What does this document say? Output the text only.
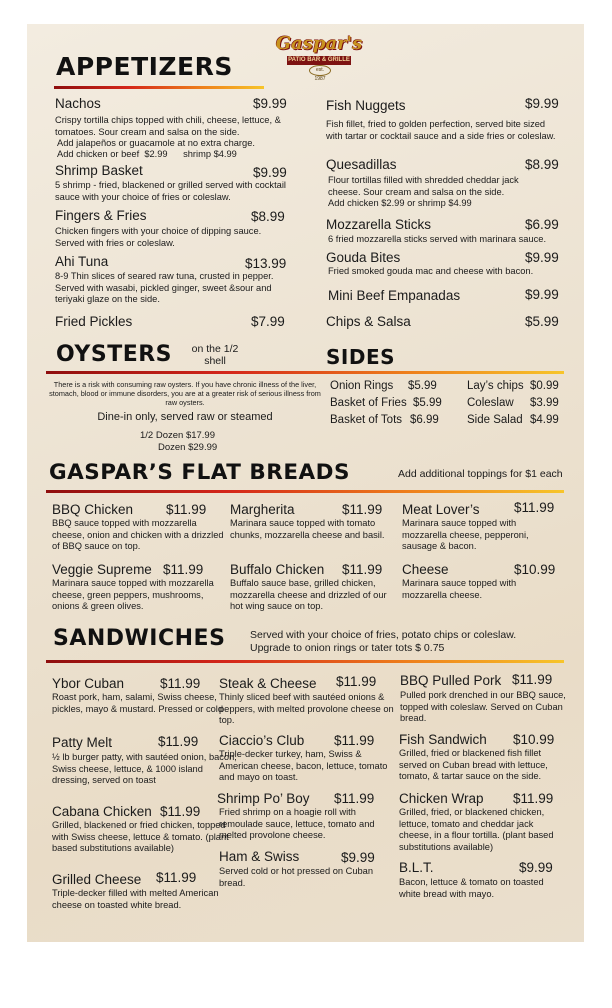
Gaspar's
PATIO BAR & GRILLE
est. 1987
APPETIZERS
Nachos	$9.99
Crispy tortilla chips topped with chili, cheese, lettuce, & tomatoes. Sour cream and salsa on the side.
Add jalapeños or guacamole at no extra charge.
Add chicken or beef  $2.99      shrimp $4.99
Shrimp Basket	$9.99
5 shrimp - fried, blackened or grilled served with cocktail sauce with your choice of fries or coleslaw.
Fingers & Fries	$8.99
Chicken fingers with your choice of dipping sauce. Served with fries or coleslaw.
Ahi Tuna	$13.99
8-9 Thin slices of seared raw tuna, crusted in pepper. Served with wasabi, pickled ginger, sweet &sour and teriyaki glaze on the side.
Fried Pickles	$7.99
Fish Nuggets	$9.99
Fish fillet, fried to golden perfection, served bite sized with tartar or cocktail sauce and a side fries or coleslaw.
Quesadillas	$8.99
Flour tortillas filled with shredded cheddar jack cheese. Sour cream and salsa on the side.
Add chicken $2.99 or shrimp $4.99
Mozzarella Sticks	$6.99
6 fried mozzarella sticks served with marinara sauce.
Gouda Bites	$9.99
Fried smoked gouda mac and cheese with bacon.
Mini Beef Empanadas	$9.99
Chips & Salsa	$5.99
OYSTERS	on the 1/2
shell	SIDES
There is a risk with consuming raw oysters. If you have chronic illness of the liver, stomach, blood or immune disorders, you are at a greater risk of serious illness from raw oysters.
Dine-in only, served raw or steamed
1/2 Dozen $17.99
Dozen $29.99
Onion Rings $5.99	Lay’s chips $0.99
Basket of Fries $5.99 Coleslaw $3.99
Basket of Tots $6.99 Side Salad $4.99
GASPAR’S FLAT BREADS	Add additional toppings for $1 each
BBQ Chicken $11.99
BBQ sauce topped with mozzarella cheese, onion and chicken with a drizzled of BBQ sauce on top.
Margherita	$11.99
Marinara sauce topped with tomato chunks, mozzarella cheese and basil.
Meat Lover’s	$11.99
Marinara sauce topped with mozzarella cheese, pepperoni, sausage & bacon.
Veggie Supreme $11.99
Marinara sauce topped with mozzarella cheese, green peppers, mushrooms, onions & green olives.
Buffalo Chicken $11.99
Buffalo sauce base, grilled chicken, mozzarella cheese and drizzled of our hot wing sauce on top.
Cheese	$10.99
Marinara sauce topped with mozzarella cheese.
SANDWICHES Served with your choice of fries, potato chips or coleslaw.
Upgrade to onion rings or tater tots $ 0.75
Ybor Cuban	$11.99
Roast pork, ham, salami, Swiss cheese, pickles, mayo & mustard. Pressed or cold
Patty Melt	$11.99
½ lb burger patty, with sautéed onion, bacon, Swiss cheese, lettuce, & 1000 island dressing, served on toast
Cabana Chicken $11.99
Grilled, blackened or fried chicken, topped with Swiss cheese, lettuce & tomato. (plant based substitutions available)
Grilled Cheese $11.99
Triple-decker filled with melted American cheese on toasted white bread.
Steak & Cheese $11.99
Thinly sliced beef with sautéed onions & peppers, with melted provolone cheese on top.
Ciaccio’s Club $11.99
Triple-decker turkey, ham, Swiss & American cheese, bacon, lettuce, tomato and mayo on toast.
Shrimp Po’ Boy $11.99
Fried shrimp on a hoagie roll with remoulade sauce, lettuce, tomato and melted provolone cheese.
Ham & Swiss	$9.99
Served cold or hot pressed on Cuban bread.
BBQ Pulled Pork $11.99
Pulled pork drenched in our BBQ sauce, topped with coleslaw. Served on Cuban bread.
Fish Sandwich $10.99
Grilled, fried or blackened fish fillet served on Cuban bread with lettuce, tomato, & tartar sauce on the side.
Chicken Wrap $11.99
Grilled, fried, or blackened chicken, lettuce, tomato and cheddar jack cheese, in a flour tortilla. (plant based substitutions available)
B.L.T.	$9.99
Bacon, lettuce & tomato on toasted white bread with mayo.
